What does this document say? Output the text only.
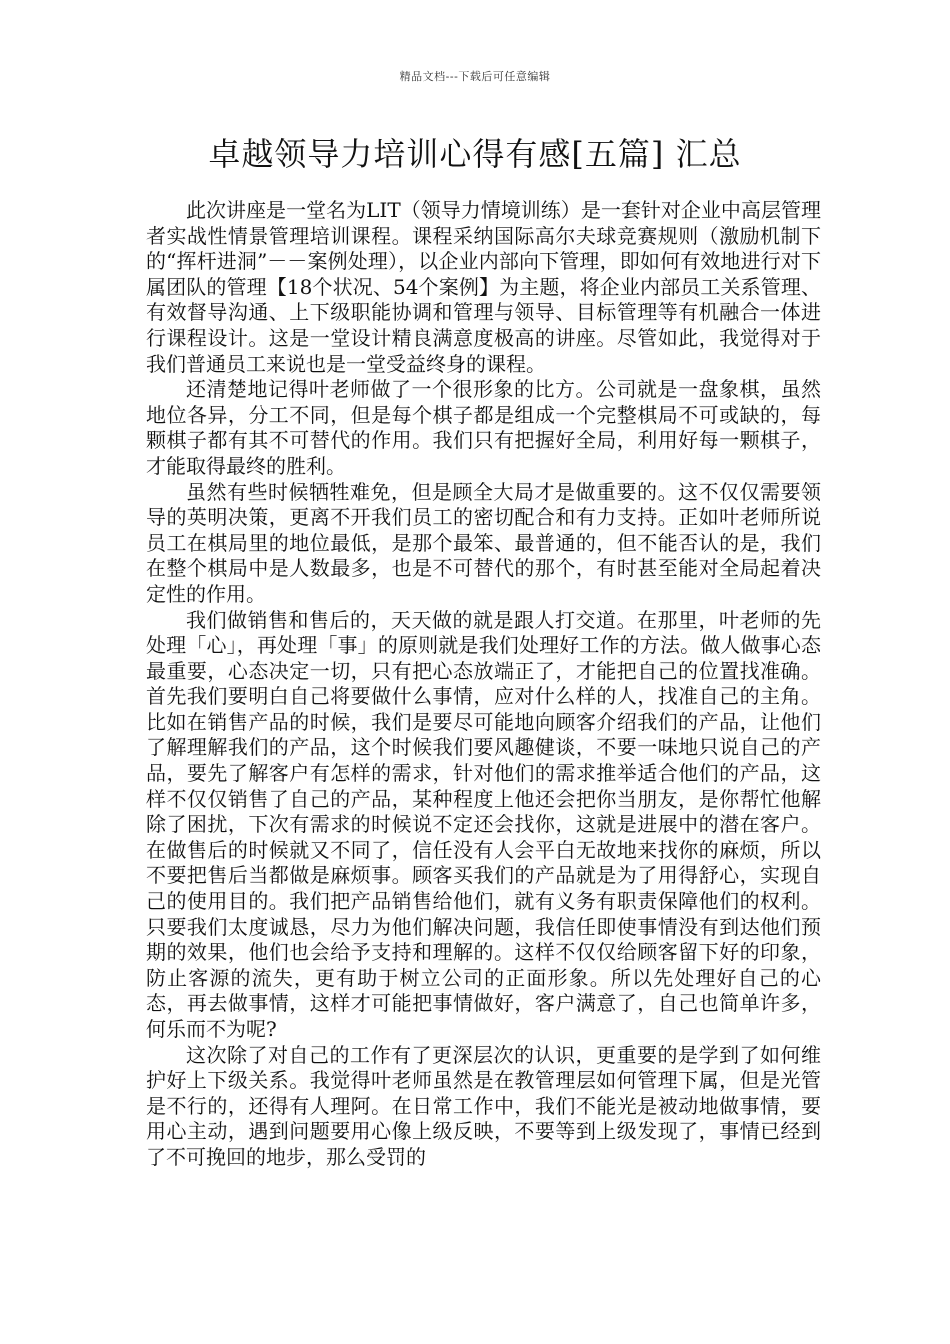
精品文档---下载后可任意编辑
卓越领导力培训心得有感[五篇] 汇总

此次讲座是一堂名为LIT（领导力情境训练）是一套针对企业中高层管理者实战性情景管理培训课程。课程采纳国际高尔夫球竞赛规则（激励机制下的“挥杆进洞”－－案例处理），以企业内部向下管理，即如何有效地进行对下属团队的管理【18个状况、54个案例】为主题，将企业内部员工关系管理、有效督导沟通、上下级职能协调和管理与领导、目标管理等有机融合一体进行课程设计。这是一堂设计精良满意度极高的讲座。尽管如此，我觉得对于我们普通员工来说也是一堂受益终身的课程。

还清楚地记得叶老师做了一个很形象的比方。公司就是一盘象棋，虽然地位各异，分工不同，但是每个棋子都是组成一个完整棋局不可或缺的，每颗棋子都有其不可替代的作用。我们只有把握好全局，利用好每一颗棋子，才能取得最终的胜利。

虽然有些时候牺牲难免，但是顾全大局才是做重要的。这不仅仅需要领导的英明决策，更离不开我们员工的密切配合和有力支持。正如叶老师所说员工在棋局里的地位最低，是那个最笨、最普通的，但不能否认的是，我们在整个棋局中是人数最多，也是不可替代的那个，有时甚至能对全局起着决定性的作用。

我们做销售和售后的，天天做的就是跟人打交道。在那里，叶老师的先处理「心」，再处理「事」的原则就是我们处理好工作的方法。做人做事心态最重要，心态决定一切，只有把心态放端正了，才能把自己的位置找准确。首先我们要明白自己将要做什么事情，应对什么样的人，找准自己的主角。比如在销售产品的时候，我们是要尽可能地向顾客介绍我们的产品，让他们了解理解我们的产品，这个时候我们要风趣健谈，不要一味地只说自己的产品，要先了解客户有怎样的需求，针对他们的需求推举适合他们的产品，这样不仅仅销售了自己的产品，某种程度上他还会把你当朋友，是你帮忙他解除了困扰，下次有需求的时候说不定还会找你，这就是进展中的潜在客户。在做售后的时候就又不同了，信任没有人会平白无故地来找你的麻烦，所以不要把售后当都做是麻烦事。顾客买我们的产品就是为了用得舒心，实现自己的使用目的。我们把产品销售给他们，就有义务有职责保障他们的权利。只要我们太度诚恳，尽力为他们解决问题，我信任即使事情没有到达他们预期的效果，他们也会给予支持和理解的。这样不仅仅给顾客留下好的印象，防止客源的流失，更有助于树立公司的正面形象。所以先处理好自己的心态，再去做事情，这样才可能把事情做好，客户满意了，自己也简单许多，何乐而不为呢?

这次除了对自己的工作有了更深层次的认识，更重要的是学到了如何维护好上下级关系。我觉得叶老师虽然是在教管理层如何管理下属，但是光管是不行的，还得有人理阿。在日常工作中，我们不能光是被动地做事情，要用心主动，遇到问题要用心像上级反映，不要等到上级发现了，事情已经到了不可挽回的地步，那么受罚的
